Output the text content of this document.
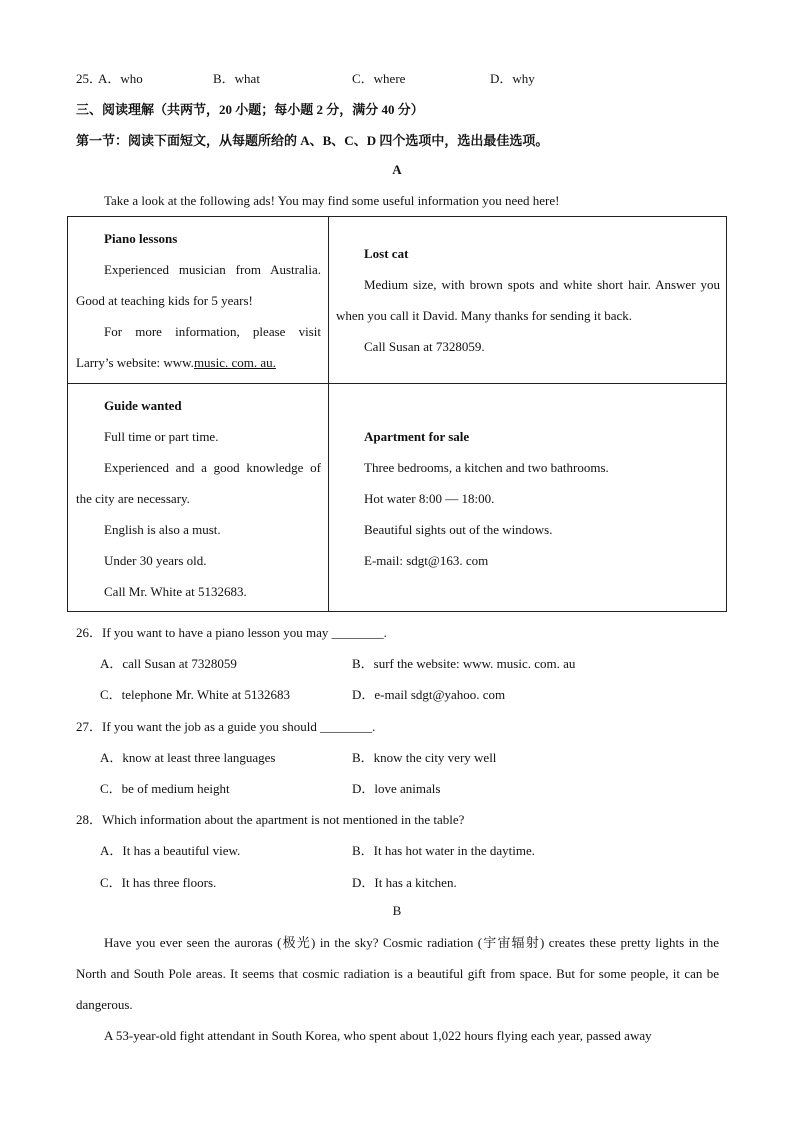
25．
A．who	B．what	C．where	D．why
三、阅读理解（共两节，20 小题；每小题 2 分，满分 40 分）
第一节：阅读下面短文，从每题所给的 A、B、C、D 四个选项中，选出最佳选项。
A
Take a look at the following ads! You may find some useful information you need here!

Piano lessons

Experienced musician from Australia. Good at teaching kids for 5 years!

For more information, please visit Larry’s website: www.music. com. au.

Lost cat

Medium size, with brown spots and white short hair. Answer you when you call it David. Many thanks for sending it back.

Call Susan at 7328059.

Guide wanted

Full time or part time.

Experienced and a good knowledge of the city are necessary.

English is also a must.

Under 30 years old.

Call Mr. White at 5132683.

Apartment for sale

Three bedrooms, a kitchen and two bathrooms.

Hot water 8:00 — 18:00.

Beautiful sights out of the windows.

E-mail: sdgt@163. com

26．If you want to have a piano lesson you may ________.
A．call Susan at 7328059	B．surf the website: www. music. com. au
C．telephone Mr. White at 5132683	D．e-mail sdgt@yahoo. com
27．If you want the job as a guide you should ________.
A．know at least three languages	B．know the city very well
C．be of medium height	D．love animals
28．Which information about the apartment is not mentioned in the table?
A．It has a beautiful view.	B．It has hot water in the daytime.
C．It has three floors.	D．It has a kitchen.
B

Have you ever seen the auroras (极光) in the sky? Cosmic radiation (宇宙辐射) creates these pretty lights in the North and South Pole areas. It seems that cosmic radiation is a beautiful gift from space. But for some people, it can be dangerous.

A 53-year-old fight attendant in South Korea, who spent about 1,022 hours flying each year, passed away
